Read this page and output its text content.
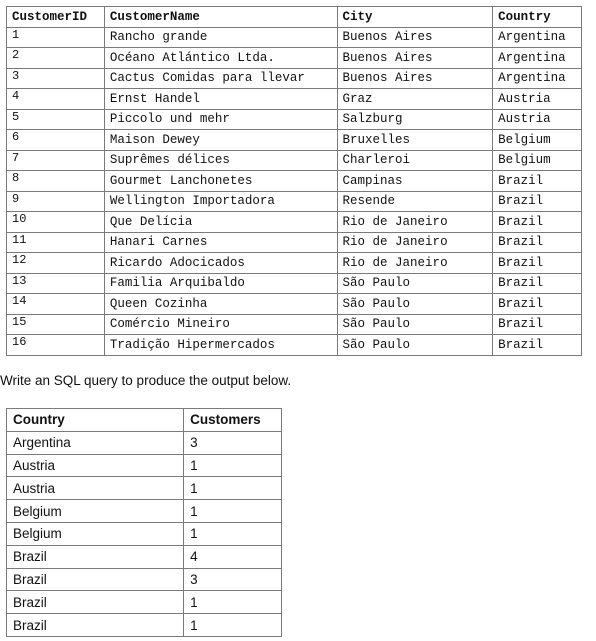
CustomerID	CustomerName	City	Country
1	Rancho grande	Buenos Aires	Argentina
2	Océano Atlántico Ltda.	Buenos Aires	Argentina
3	Cactus Comidas para llevar	Buenos Aires	Argentina
4	Ernst Handel	Graz	Austria
5	Piccolo und mehr	Salzburg	Austria
6	Maison Dewey	Bruxelles	Belgium
7	Suprêmes délices	Charleroi	Belgium
8	Gourmet Lanchonetes	Campinas	Brazil
9	Wellington Importadora	Resende	Brazil
10	Que Delícia	Rio de Janeiro	Brazil
11	Hanari Carnes	Rio de Janeiro	Brazil
12	Ricardo Adocicados	Rio de Janeiro	Brazil
13	Familia Arquibaldo	São Paulo	Brazil
14	Queen Cozinha	São Paulo	Brazil
15	Comércio Mineiro	São Paulo	Brazil
16	Tradição Hipermercados	São Paulo	Brazil

Write an SQL query to produce the output below.

Country	Customers
Argentina	3
Austria	1
Austria	1
Belgium	1
Belgium	1
Brazil	4
Brazil	3
Brazil	1
Brazil	1
